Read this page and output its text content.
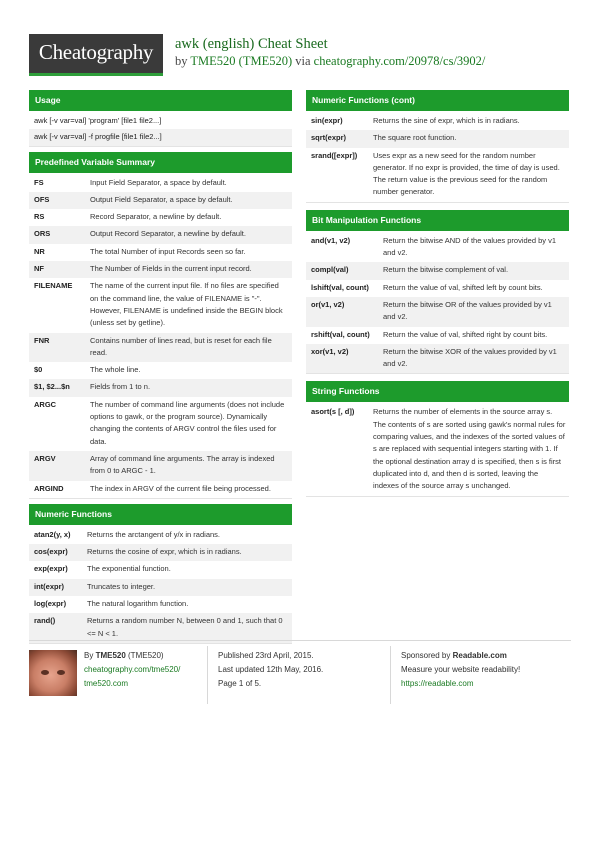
Cheatography	awk (english) Cheat Sheet
by TME520 (TME520) via cheatography.com/20978/cs/3902/
Usage
awk [-v var=val] 'program' [file1 file2...]
awk [-v var=val] -f progfile [file1 file2...]
Predefined Variable Summary
FS	Input Field Separator, a space by default.
OFS	Output Field Separator, a space by default.
RS	Record Separator, a newline by default.
ORS	Output Record Separator, a newline by default.
NR	The total Number of input Records seen so far.
NF	The Number of Fields in the current input record.
FILENAME	The name of the current input file. If no files are specified on the command line, the value of FILENAME is "-". However, FILENAME is undefined inside the BEGIN block (unless set by getline).
FNR	Contains number of lines read, but is reset for each file read.
$0	The whole line.
$1, $2...$n	Fields from 1 to n.
ARGC	The number of command line arguments (does not include options to gawk, or the program source). Dynamically changing the contents of ARGV control the files used for data.
ARGV	Array of command line arguments. The array is indexed from 0 to ARGC - 1.
ARGIND	The index in ARGV of the current file being processed.
Numeric Functions
atan2(y, x)	Returns the arctangent of y/x in radians.
cos(expr)	Returns the cosine of expr, which is in radians.
exp(expr)	The exponential function.
int(expr)	Truncates to integer.
log(expr)	The natural logarithm function.
rand()	Returns a random number N, between 0 and 1, such that 0 <= N < 1.
Numeric Functions (cont)
sin(expr)	Returns the sine of expr, which is in radians.
sqrt(expr)	The square root function.
srand([expr])	Uses expr as a new seed for the random number generator. If no expr is provided, the time of day is used. The return value is the previous seed for the random number generator.
Bit Manipulation Functions
and(v1, v2)	Return the bitwise AND of the values provided by v1 and v2.
compl(val)	Return the bitwise complement of val.
lshift(val, count)	Return the value of val, shifted left by count bits.
or(v1, v2)	Return the bitwise OR of the values provided by v1 and v2.
rshift(val, count)	Return the value of val, shifted right by count bits.
xor(v1, v2)	Return the bitwise XOR of the values provided by v1 and v2.
String Functions
asort(s [, d])	Returns the number of elements in the source array s. The contents of s are sorted using gawk's normal rules for comparing values, and the indexes of the sorted values of s are replaced with sequential integers starting with 1. If the optional destination array d is specified, then s is first duplicated into d, and then d is sorted, leaving the indexes of the source array s unchanged.
By TME520 (TME520)
cheatography.com/tme520/
tme520.com
Published 23rd April, 2015.
Last updated 12th May, 2016.
Page 1 of 5.
Sponsored by Readable.com
Measure your website readability!
https://readable.com
